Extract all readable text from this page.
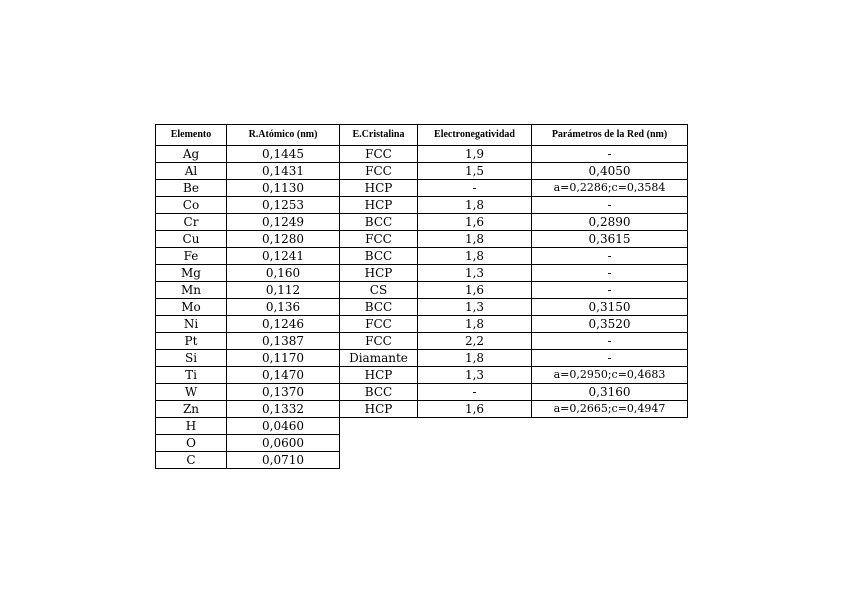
Elemento	R.Atómico (nm)	E.Cristalina	Electronegatividad	Parámetros de la Red (nm)
Ag	0,1445	FCC	1,9	-
Al	0,1431	FCC	1,5	0,4050
Be	0,1130	HCP	-	a=0,2286;c=0,3584
Co	0,1253	HCP	1,8	-
Cr	0,1249	BCC	1,6	0,2890
Cu	0,1280	FCC	1,8	0,3615
Fe	0,1241	BCC	1,8	-
Mg	0,160	HCP	1,3	-
Mn	0,112	CS	1,6	-
Mo	0,136	BCC	1,3	0,3150
Ni	0,1246	FCC	1,8	0,3520
Pt	0,1387	FCC	2,2	-
Si	0,1170	Diamante	1,8	-
Ti	0,1470	HCP	1,3	a=0,2950;c=0,4683
W	0,1370	BCC	-	0,3160
Zn	0,1332	HCP	1,6	a=0,2665;c=0,4947
H	0,0460			
O	0,0600			
C	0,0710			
